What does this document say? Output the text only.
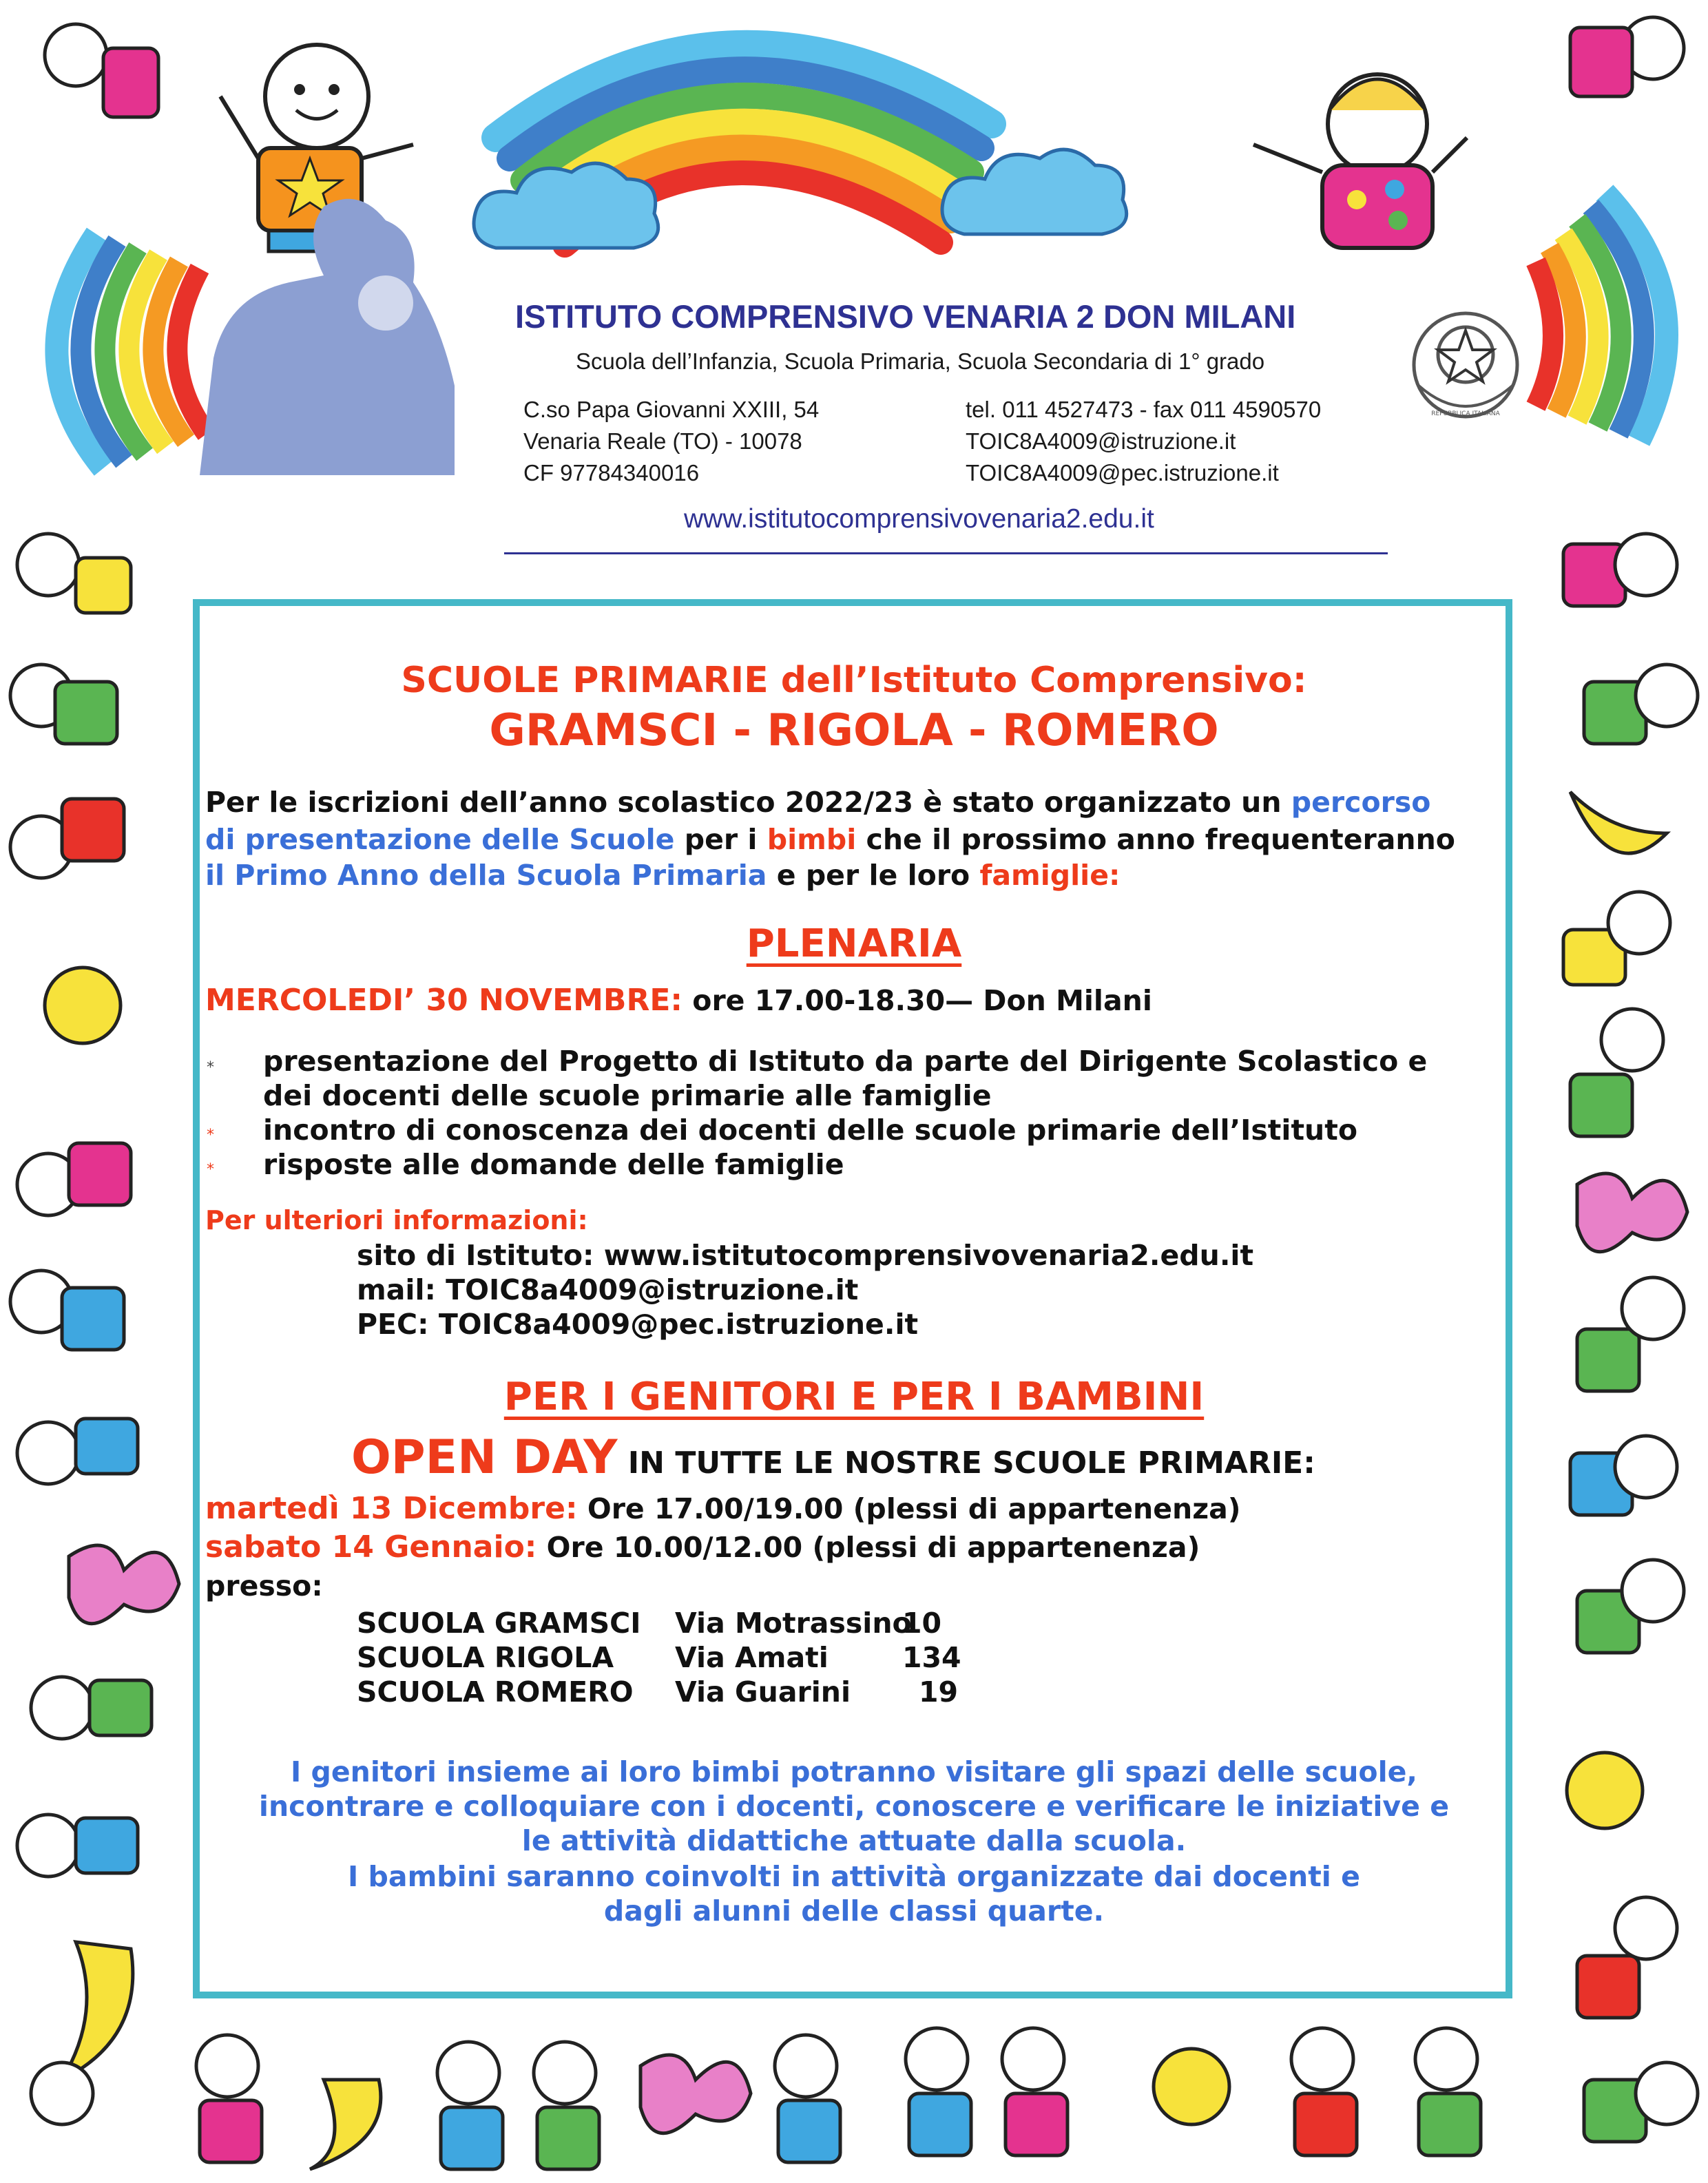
ISTITUTO COMPRENSIVO VENARIA 2 DON MILANI
Scuola dell’Infanzia, Scuola Primaria, Scuola Secondaria di 1° grado
C.so Papa Giovanni XXIII, 54
Venaria Reale (TO) - 10078
CF 97784340016
tel. 011 4527473 - fax 011 4590570
TOIC8A4009@istruzione.it
TOIC8A4009@pec.istruzione.it
www.istitutocomprensivovenaria2.edu.it
REPUBBLICA ITALIANA
SCUOLE PRIMARIE dell’Istituto Comprensivo:
GRAMSCI - RIGOLA - ROMERO
Per le iscrizioni dell’anno scolastico 2022/23 è stato organizzato un percorso
di presentazione delle Scuole per i bimbi che il prossimo anno frequenteranno
il Primo Anno della Scuola Primaria e per le loro famiglie:
PLENARIA
MERCOLEDI’ 30 NOVEMBRE: ore 17.00-18.30— Don Milani
* presentazione del Progetto di Istituto da parte del Dirigente Scolastico e
dei docenti delle scuole primarie alle famiglie
* incontro di conoscenza dei docenti delle scuole primarie dell’Istituto
* risposte alle domande delle famiglie
Per ulteriori informazioni:
sito di Istituto: www.istitutocomprensivovenaria2.edu.it
mail: TOIC8a4009@istruzione.it
PEC: TOIC8a4009@pec.istruzione.it
PER I GENITORI E PER I BAMBINI
OPEN DAY IN TUTTE LE NOSTRE SCUOLE PRIMARIE:
martedì 13 Dicembre: Ore 17.00/19.00 (plessi di appartenenza)
sabato 14 Gennaio: Ore 10.00/12.00 (plessi di appartenenza)
presso:
SCUOLA GRAMSCI Via Motrassino
10
SCUOLA RIGOLA Via Amati	134
SCUOLA ROMERO Via Guarini 19
I genitori insieme ai loro bimbi potranno visitare gli spazi delle scuole,
incontrare e colloquiare con i docenti, conoscere e verificare le iniziative e
le attività didattiche attuate dalla scuola.
I bambini saranno coinvolti in attività organizzate dai docenti e
dagli alunni delle classi quarte.
